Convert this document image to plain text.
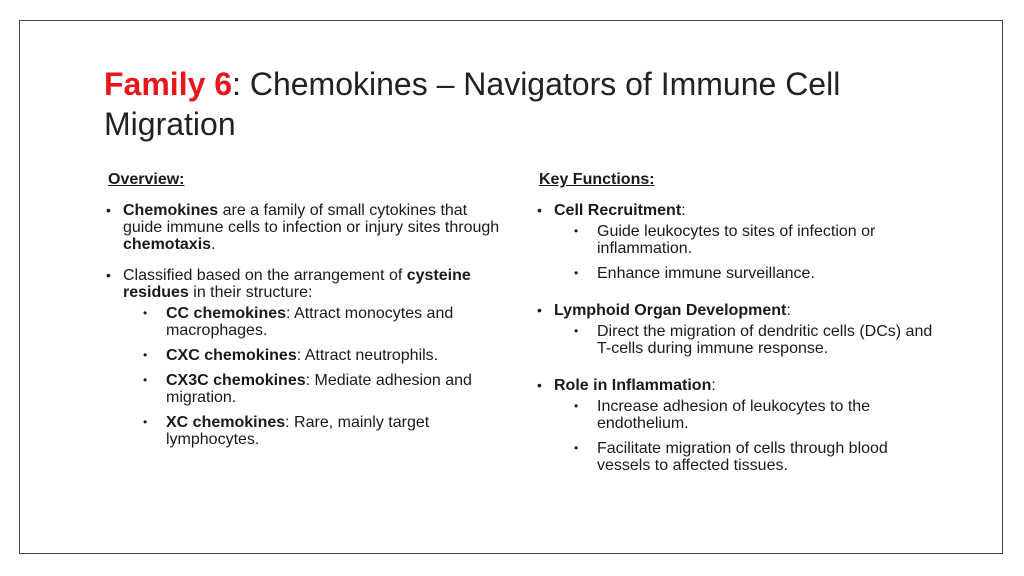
Family 6: Chemokines – Navigators of Immune Cell Migration
Overview:
• Chemokines are a family of small cytokines that guide immune cells to infection or injury sites through chemotaxis.
• Classified based on the arrangement of cysteine residues in their structure:
• CC chemokines: Attract monocytes and macrophages.
• CXC chemokines: Attract neutrophils.
• CX3C chemokines: Mediate adhesion and migration.
• XC chemokines: Rare, mainly target lymphocytes.
Key Functions:
• Cell Recruitment:
• Guide leukocytes to sites of infection or inflammation.
• Enhance immune surveillance.
• Lymphoid Organ Development:
• Direct the migration of dendritic cells (DCs) and T-cells during immune response.
• Role in Inflammation:
• Increase adhesion of leukocytes to the endothelium.
• Facilitate migration of cells through blood vessels to affected tissues.
